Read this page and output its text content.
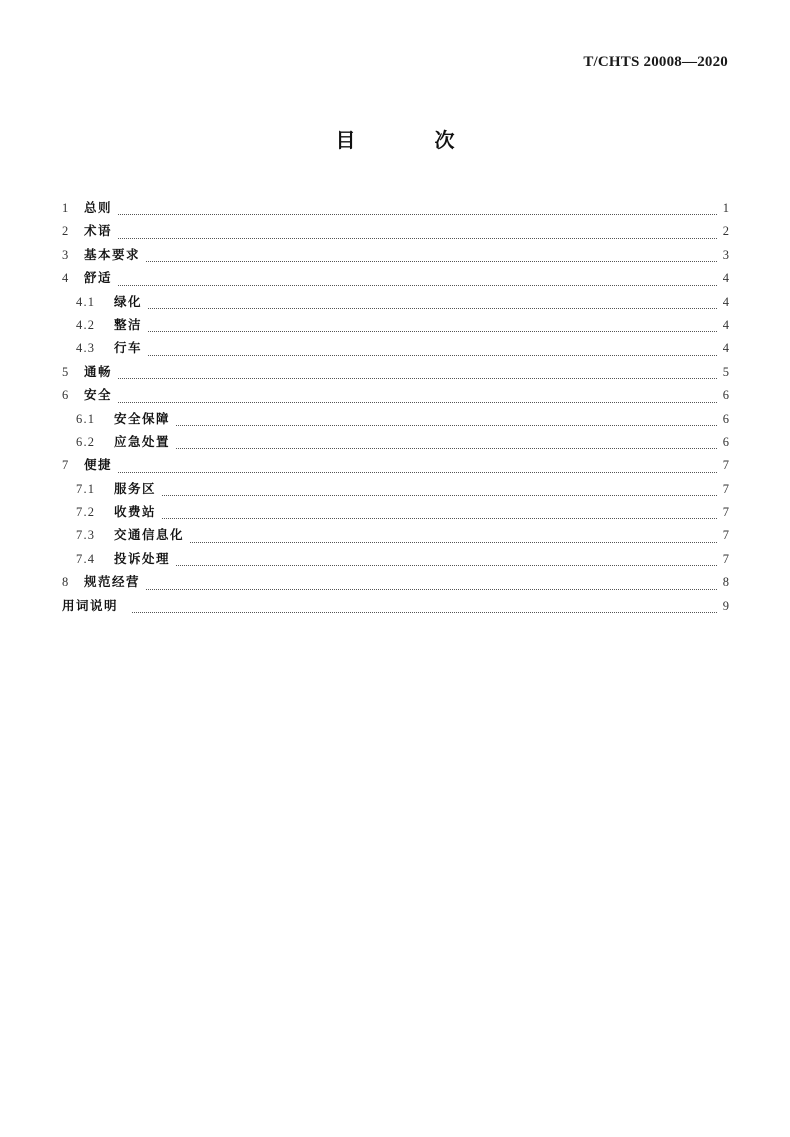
T/CHTS 20008—2020
目 次
1	总则	1
2	术语	2
3	基本要求	3
4	舒适	4
4.1	绿化	4
4.2	整洁	4
4.3	行车	4
5	通畅	5
6	安全	6
6.1	安全保障	6
6.2	应急处置	6
7	便捷	7
7.1	服务区	7
7.2	收费站	7
7.3	交通信息化	7
7.4	投诉处理	7
8	规范经营	8
用词说明	9
